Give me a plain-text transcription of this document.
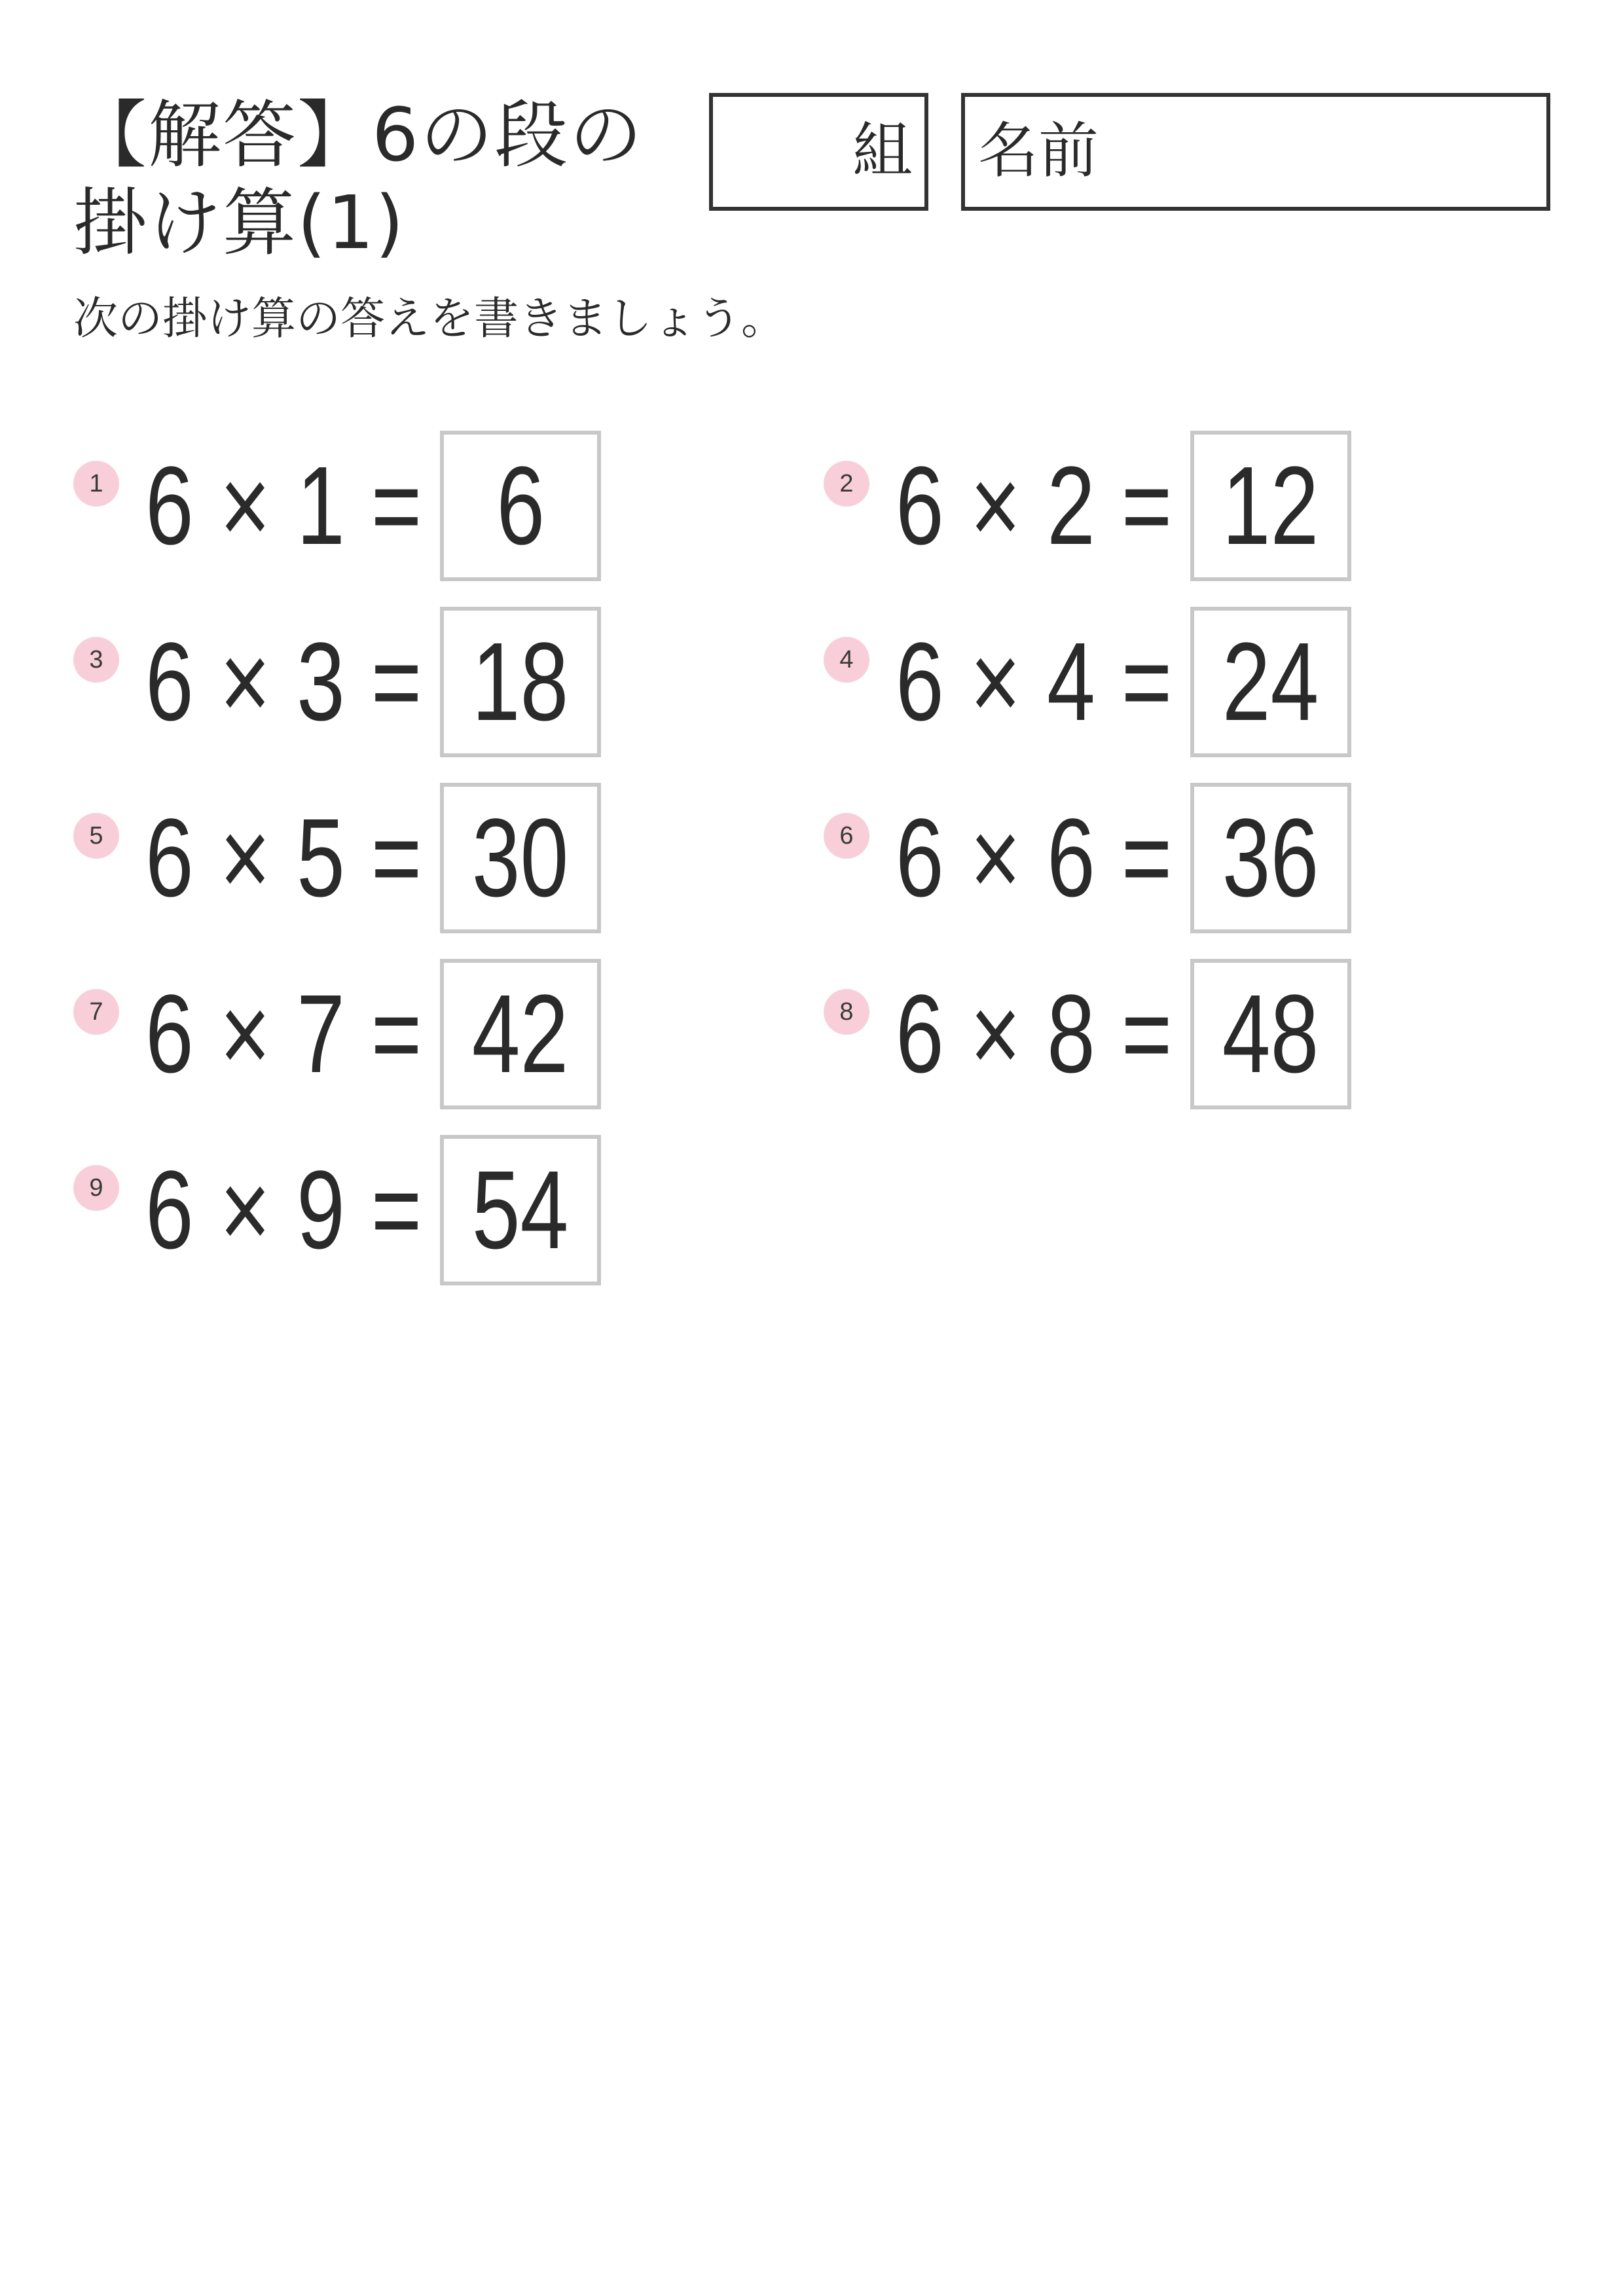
【解答】6の段の
掛け算(1)
組 名前
次の掛け算の答えを書きましょう。
1 6 × 1 = 6	2 6 × 2 = 12
3 6 × 3 = 18	4 6 × 4 = 24
5 6 × 5 = 30	6 6 × 6 = 36
7 6 × 7 = 42	8 6 × 8 = 48
9 6 × 9 = 54
